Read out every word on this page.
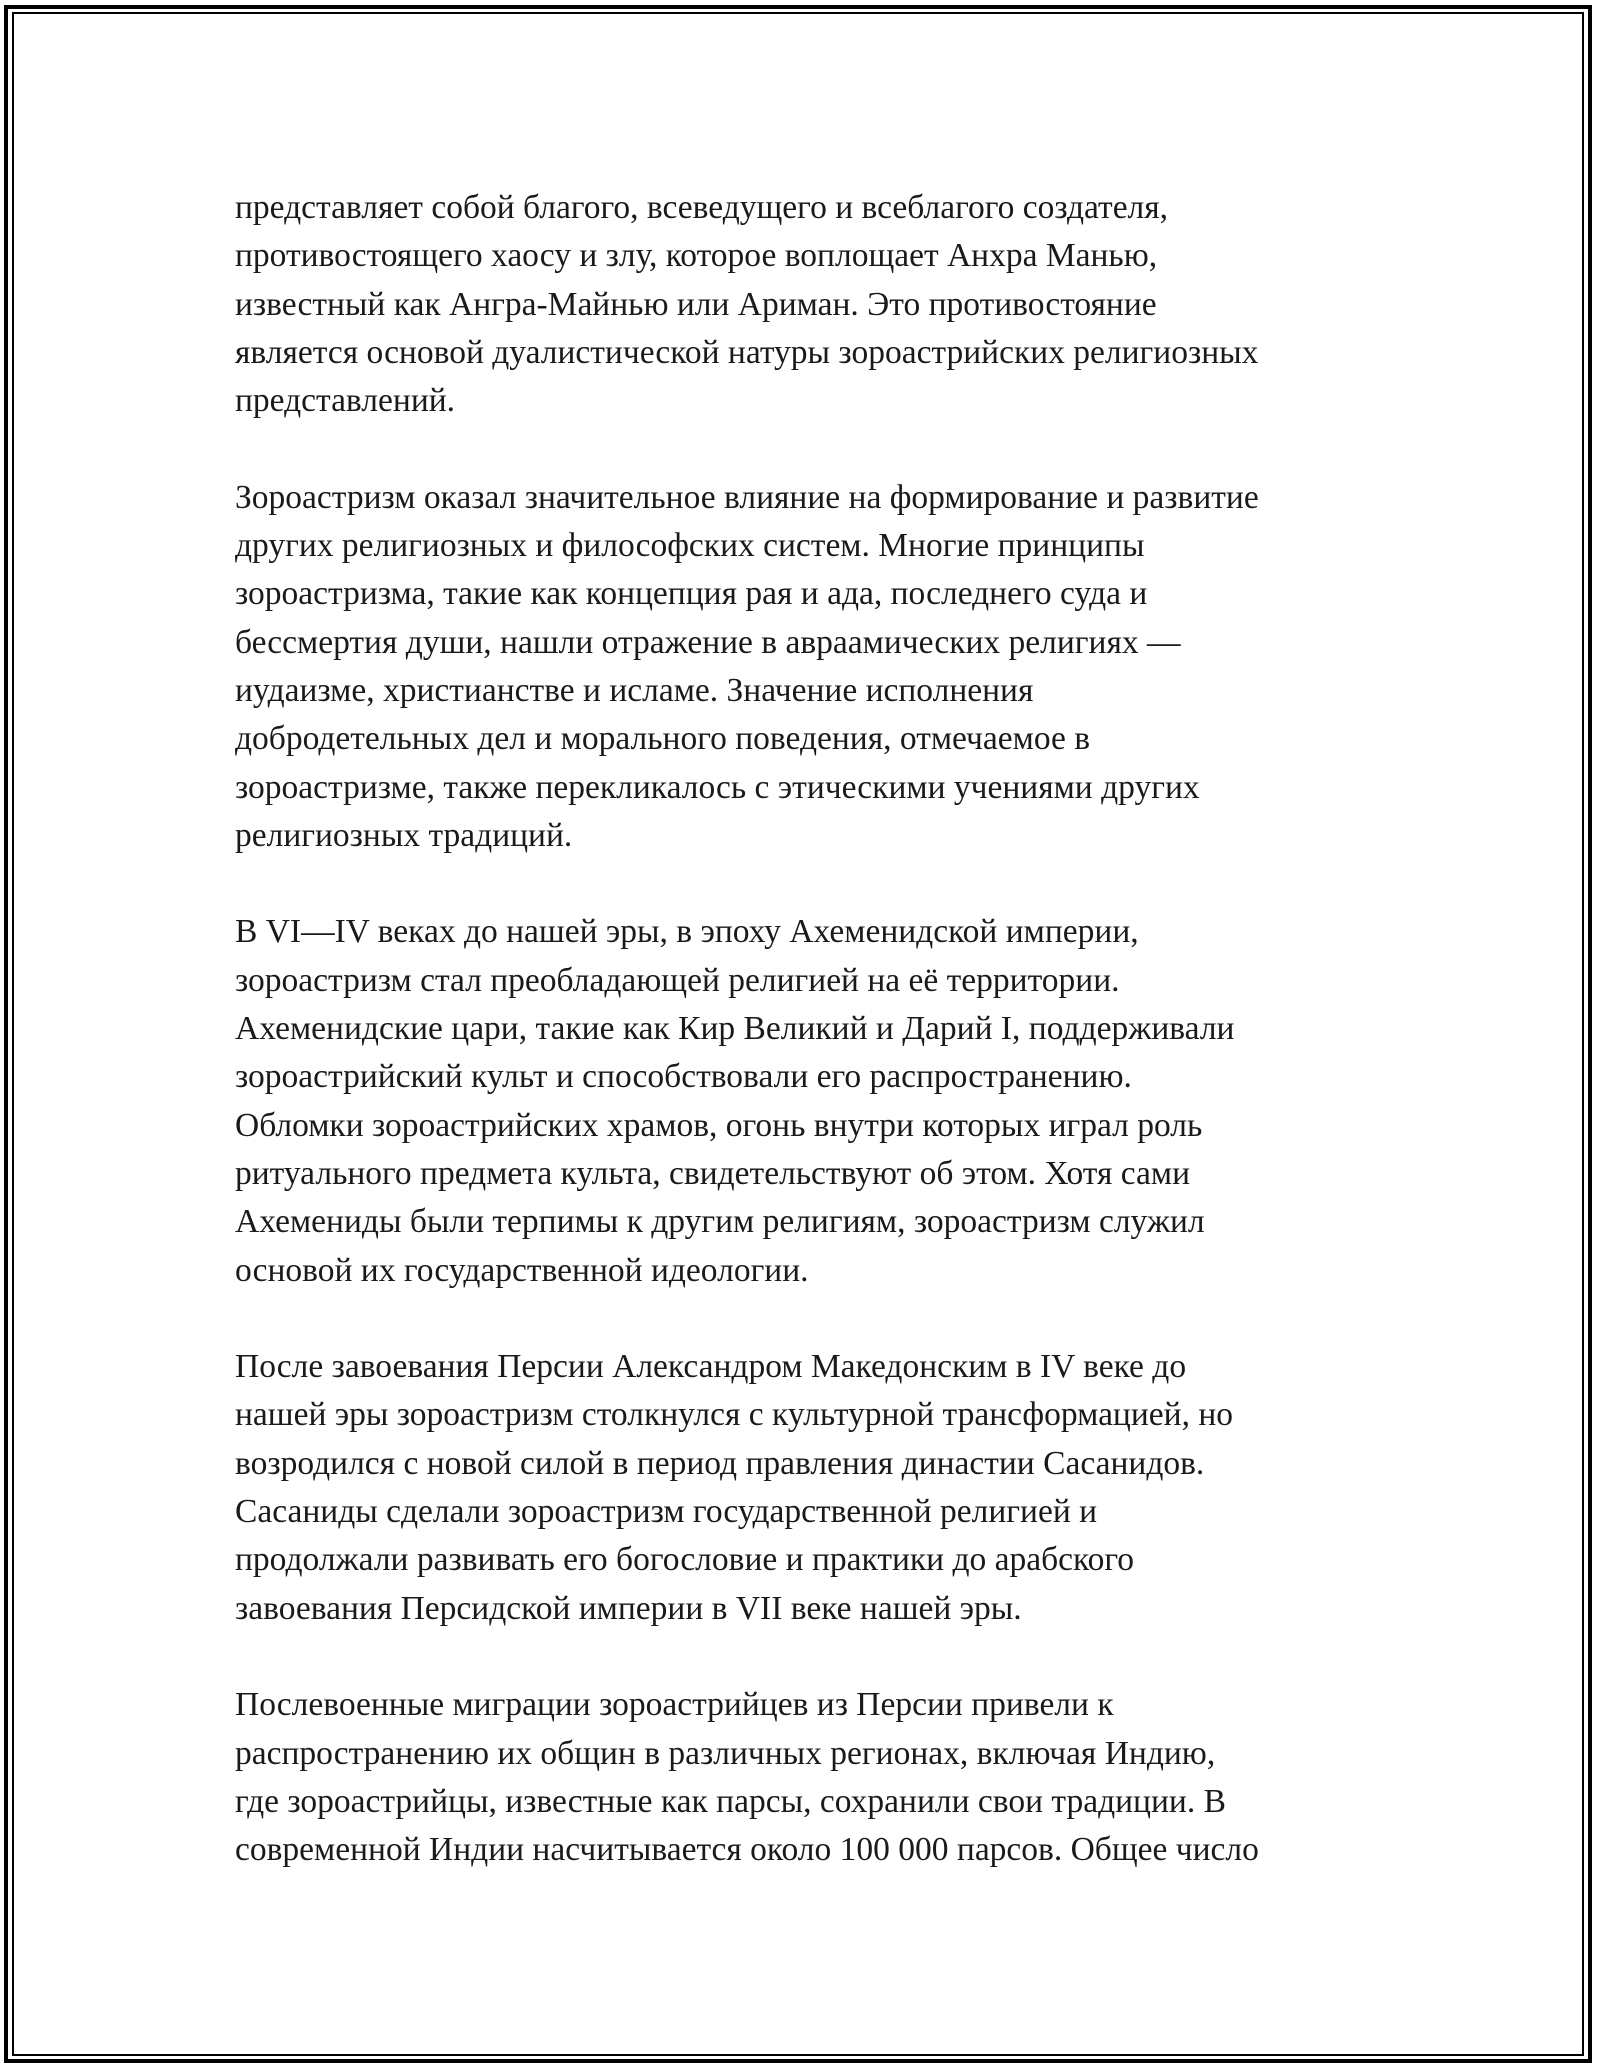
представляет собой благого, всеведущего и всеблагого создателя,
противостоящего хаосу и злу, которое воплощает Анхра Манью,
известный как Ангра-Майнью или Ариман. Это противостояние
является основой дуалистической натуры зороастрийских религиозных
представлений.

Зороастризм оказал значительное влияние на формирование и развитие
других религиозных и философских систем. Многие принципы
зороастризма, такие как концепция рая и ада, последнего суда и
бессмертия души, нашли отражение в авраамических религиях —
иудаизме, христианстве и исламе. Значение исполнения
добродетельных дел и морального поведения, отмечаемое в
зороастризме, также перекликалось с этическими учениями других
религиозных традиций.

В VI—IV веках до нашей эры, в эпоху Ахеменидской империи,
зороастризм стал преобладающей религией на её территории.
Ахеменидские цари, такие как Кир Великий и Дарий I, поддерживали
зороастрийский культ и способствовали его распространению.
Обломки зороастрийских храмов, огонь внутри которых играл роль
ритуального предмета культа, свидетельствуют об этом. Хотя сами
Ахемениды были терпимы к другим религиям, зороастризм служил
основой их государственной идеологии.

После завоевания Персии Александром Македонским в IV веке до
нашей эры зороастризм столкнулся с культурной трансформацией, но
возродился с новой силой в период правления династии Сасанидов.
Сасаниды сделали зороастризм государственной религией и
продолжали развивать его богословие и практики до арабского
завоевания Персидской империи в VII веке нашей эры.

Послевоенные миграции зороастрийцев из Персии привели к
распространению их общин в различных регионах, включая Индию,
где зороастрийцы, известные как парсы, сохранили свои традиции. В
современной Индии насчитывается около 100 000 парсов. Общее число
